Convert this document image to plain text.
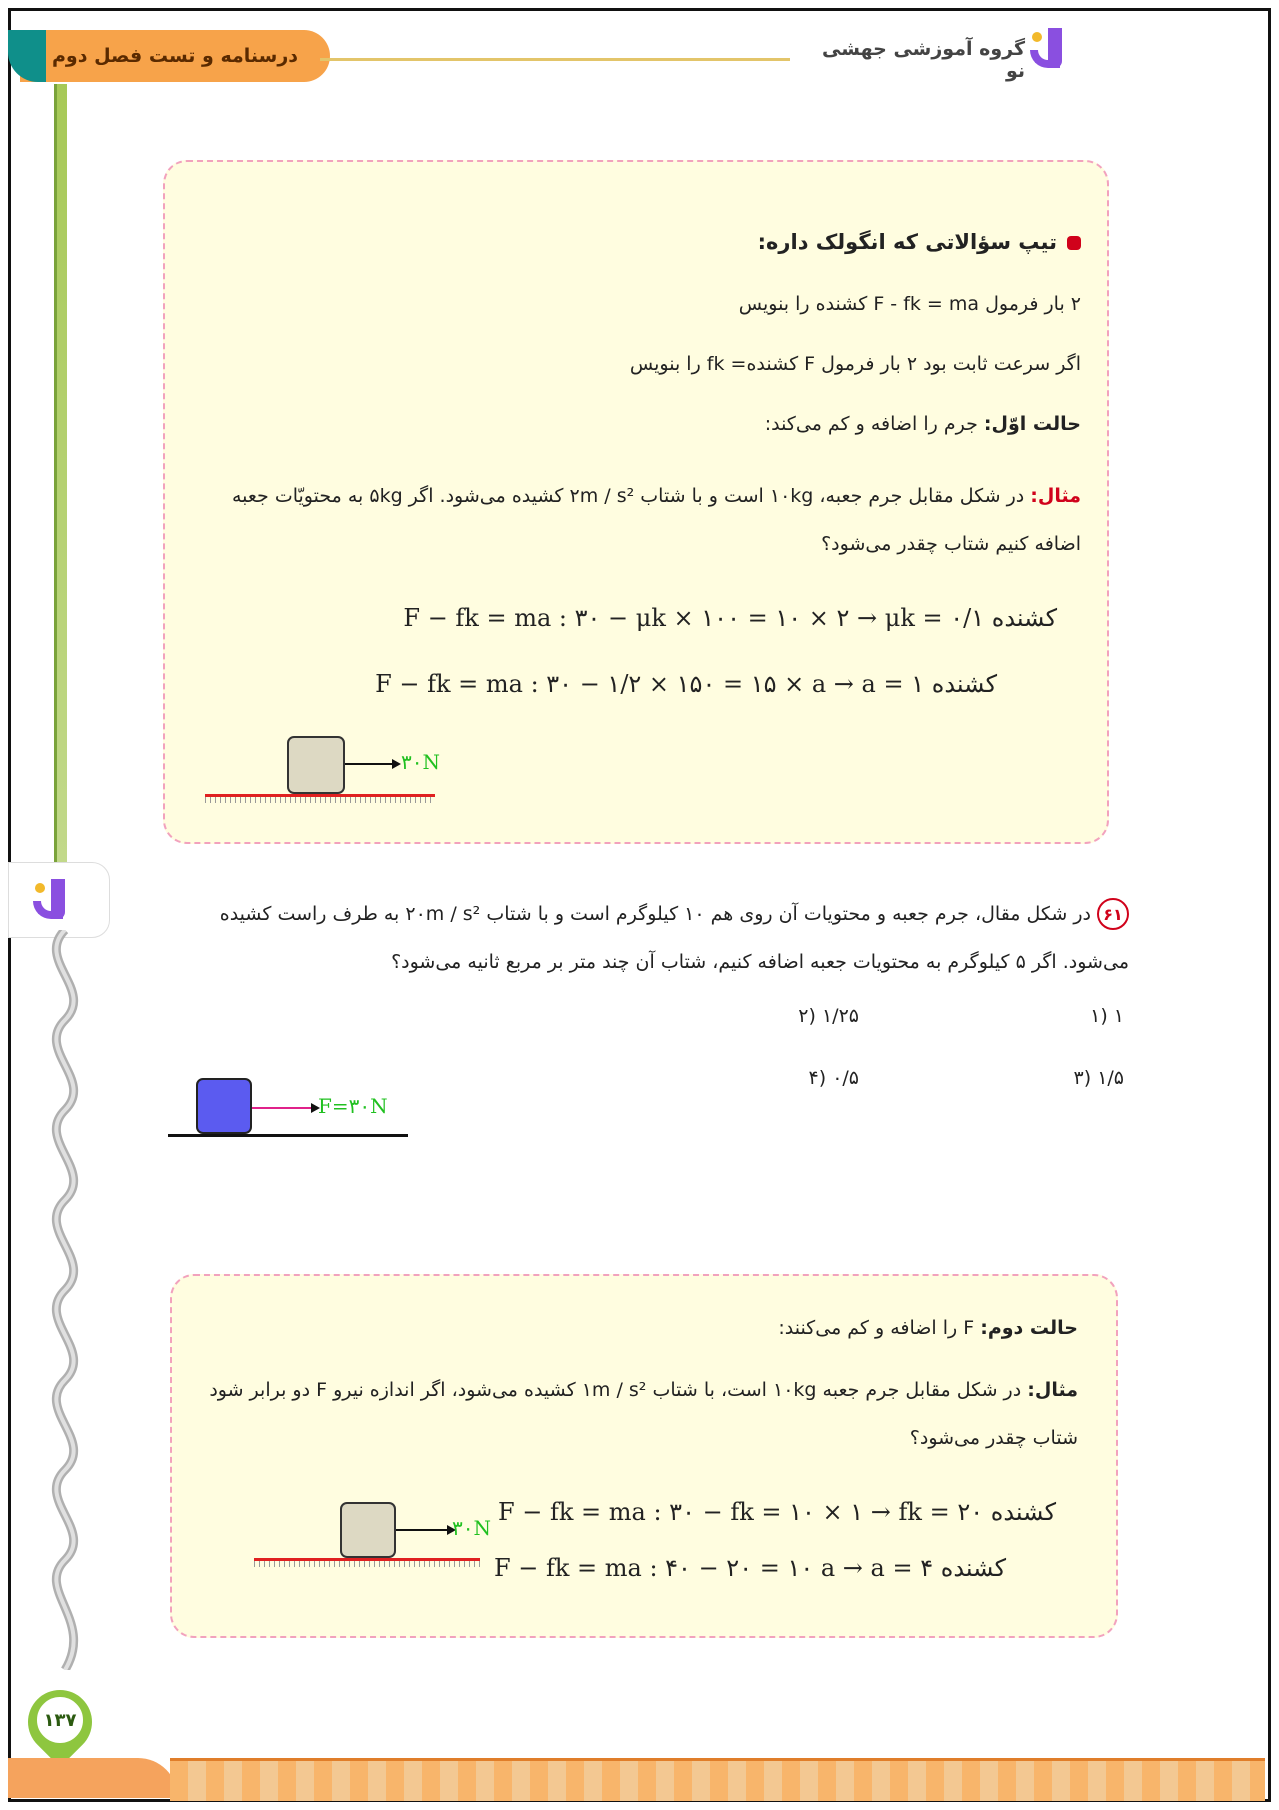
درسنامه و تست فصل دوم	گروه آموزشی جهشی نو
۱۳۷
تیپ سؤالاتی که انگولک داره:
۲ بار فرمول F - fk = ma کشنده را بنویس
اگر سرعت ثابت بود ۲ بار فرمول F کشنده= fk را بنویس
حالت اوّل: جرم را اضافه و کم می‌کند:
مثال: در شکل مقابل جرم جعبه، ۱۰kg است و با شتاب ۲m / s² کشیده می‌شود. اگر ۵kg به محتویّات جعبه اضافه کنیم شتاب چقدر می‌شود؟
کشنده F − fk = ma : ۳۰ − μk × ۱۰۰ = ۱۰ × ۲ → μk = ۰/۱
کشنده F − fk = ma : ۳۰ − ۱/۲ × ۱۵۰ = ۱۵ × a → a = ۱
۳۰N
۶۱در شکل مقال، جرم جعبه و محتویات آن روی هم ۱۰ کیلوگرم است و با شتاب ۲۰m / s² به طرف راست کشیده می‌شود. اگر ۵ کیلوگرم به محتویات جعبه اضافه کنیم، شتاب آن چند متر بر مربع ثانیه می‌شود؟
۱ (۱
۱/۲۵ (۲
۱/۵ (۳
۰/۵ (۴
F=۳۰N
حالت دوم: F را اضافه و کم می‌کنند:
مثال: در شکل مقابل جرم جعبه ۱۰kg است، با شتاب ۱m / s² کشیده می‌شود، اگر اندازه نیرو F دو برابر شود شتاب چقدر می‌شود؟
کشنده F − fk = ma : ۳۰ − fk = ۱۰ × ۱ → fk = ۲۰
کشنده F − fk = ma : ۴۰ − ۲۰ = ۱۰ a → a = ۴
۳۰N
